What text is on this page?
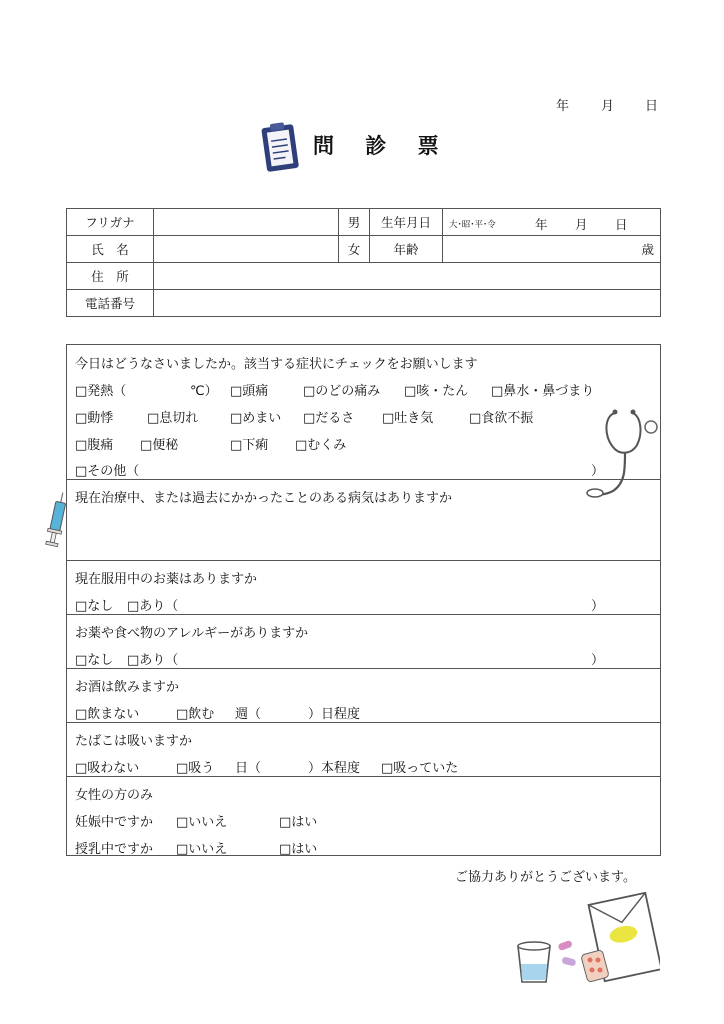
年 月 日
問 診 票
フリガナ		男	生年月日	大･昭･平･令 年 月 日

氏　名		女	年齢	歳
住　所				
電話番号				
今日はどうなさいましたか。該当する症状にチェックをお願いします
□発熱（	℃） □頭痛	□のどの痛み □咳・たん □鼻水・鼻づまり
□動悸	□息切れ □めまい □だるさ □吐き気	□食欲不振
□腹痛 □便秘	□下痢 □むくみ
□その他（	）
現在治療中、または過去にかかったことのある病気はありますか
現在服用中のお薬はありますか
□なし □あり（	）
お薬や食べ物のアレルギーがありますか
□なし □あり（	）
お酒は飲みますか
□飲まない	□飲む 週（	）日程度
たばこは吸いますか
□吸わない	□吸う 日（	）本程度 □吸っていた
女性の方のみ
妊娠中ですか □いいえ	□はい
授乳中ですか □いいえ	□はい
ご協力ありがとうございます。
